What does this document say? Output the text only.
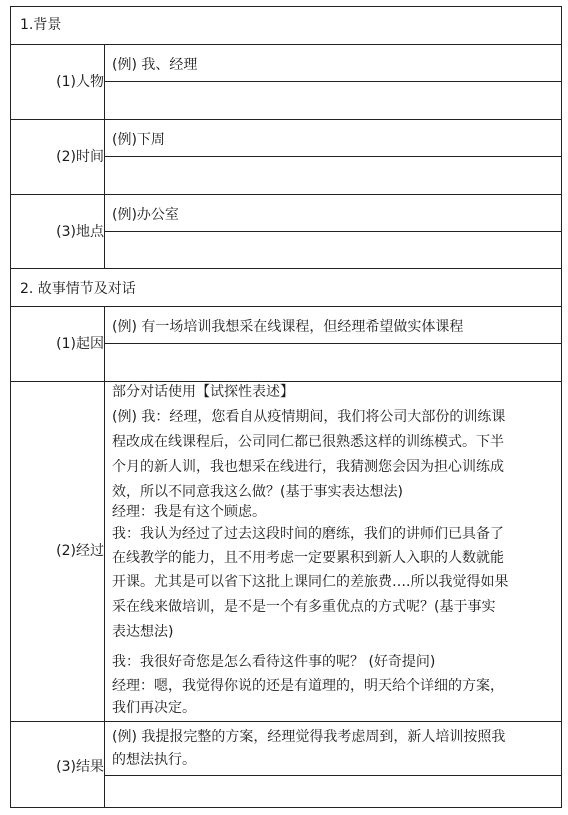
1.背景
(1)人物
(例) 我、经理
(2)时间
(例)下周
(3)地点
(例)办公室
2. 故事情节及对话
(1)起因
(例) 有一场培训我想采在线课程，但经理希望做实体课程
(2)经过
部分对话使用【试探性表述】
(例) 我：经理，您看自从疫情期间，我们将公司大部份的训练课
程改成在线课程后，公司同仁都已很熟悉这样的训练模式。下半
个月的新人训，我也想采在线进行，我猜测您会因为担心训练成
效，所以不同意我这么做？(基于事实表达想法)
经理：我是有这个顾虑。
我：我认为经过了过去这段时间的磨练，我们的讲师们已具备了
在线教学的能力，且不用考虑一定要累积到新人入职的人数就能
开课。尤其是可以省下这批上课同仁的差旅费….所以我觉得如果
采在线来做培训，是不是一个有多重优点的方式呢？(基于事实
表达想法)
我：我很好奇您是怎么看待这件事的呢？ (好奇提问)
经理：嗯，我觉得你说的还是有道理的，明天给个详细的方案，
我们再决定。
(3)结果
(例) 我提报完整的方案，经理觉得我考虑周到，新人培训按照我
的想法执行。
